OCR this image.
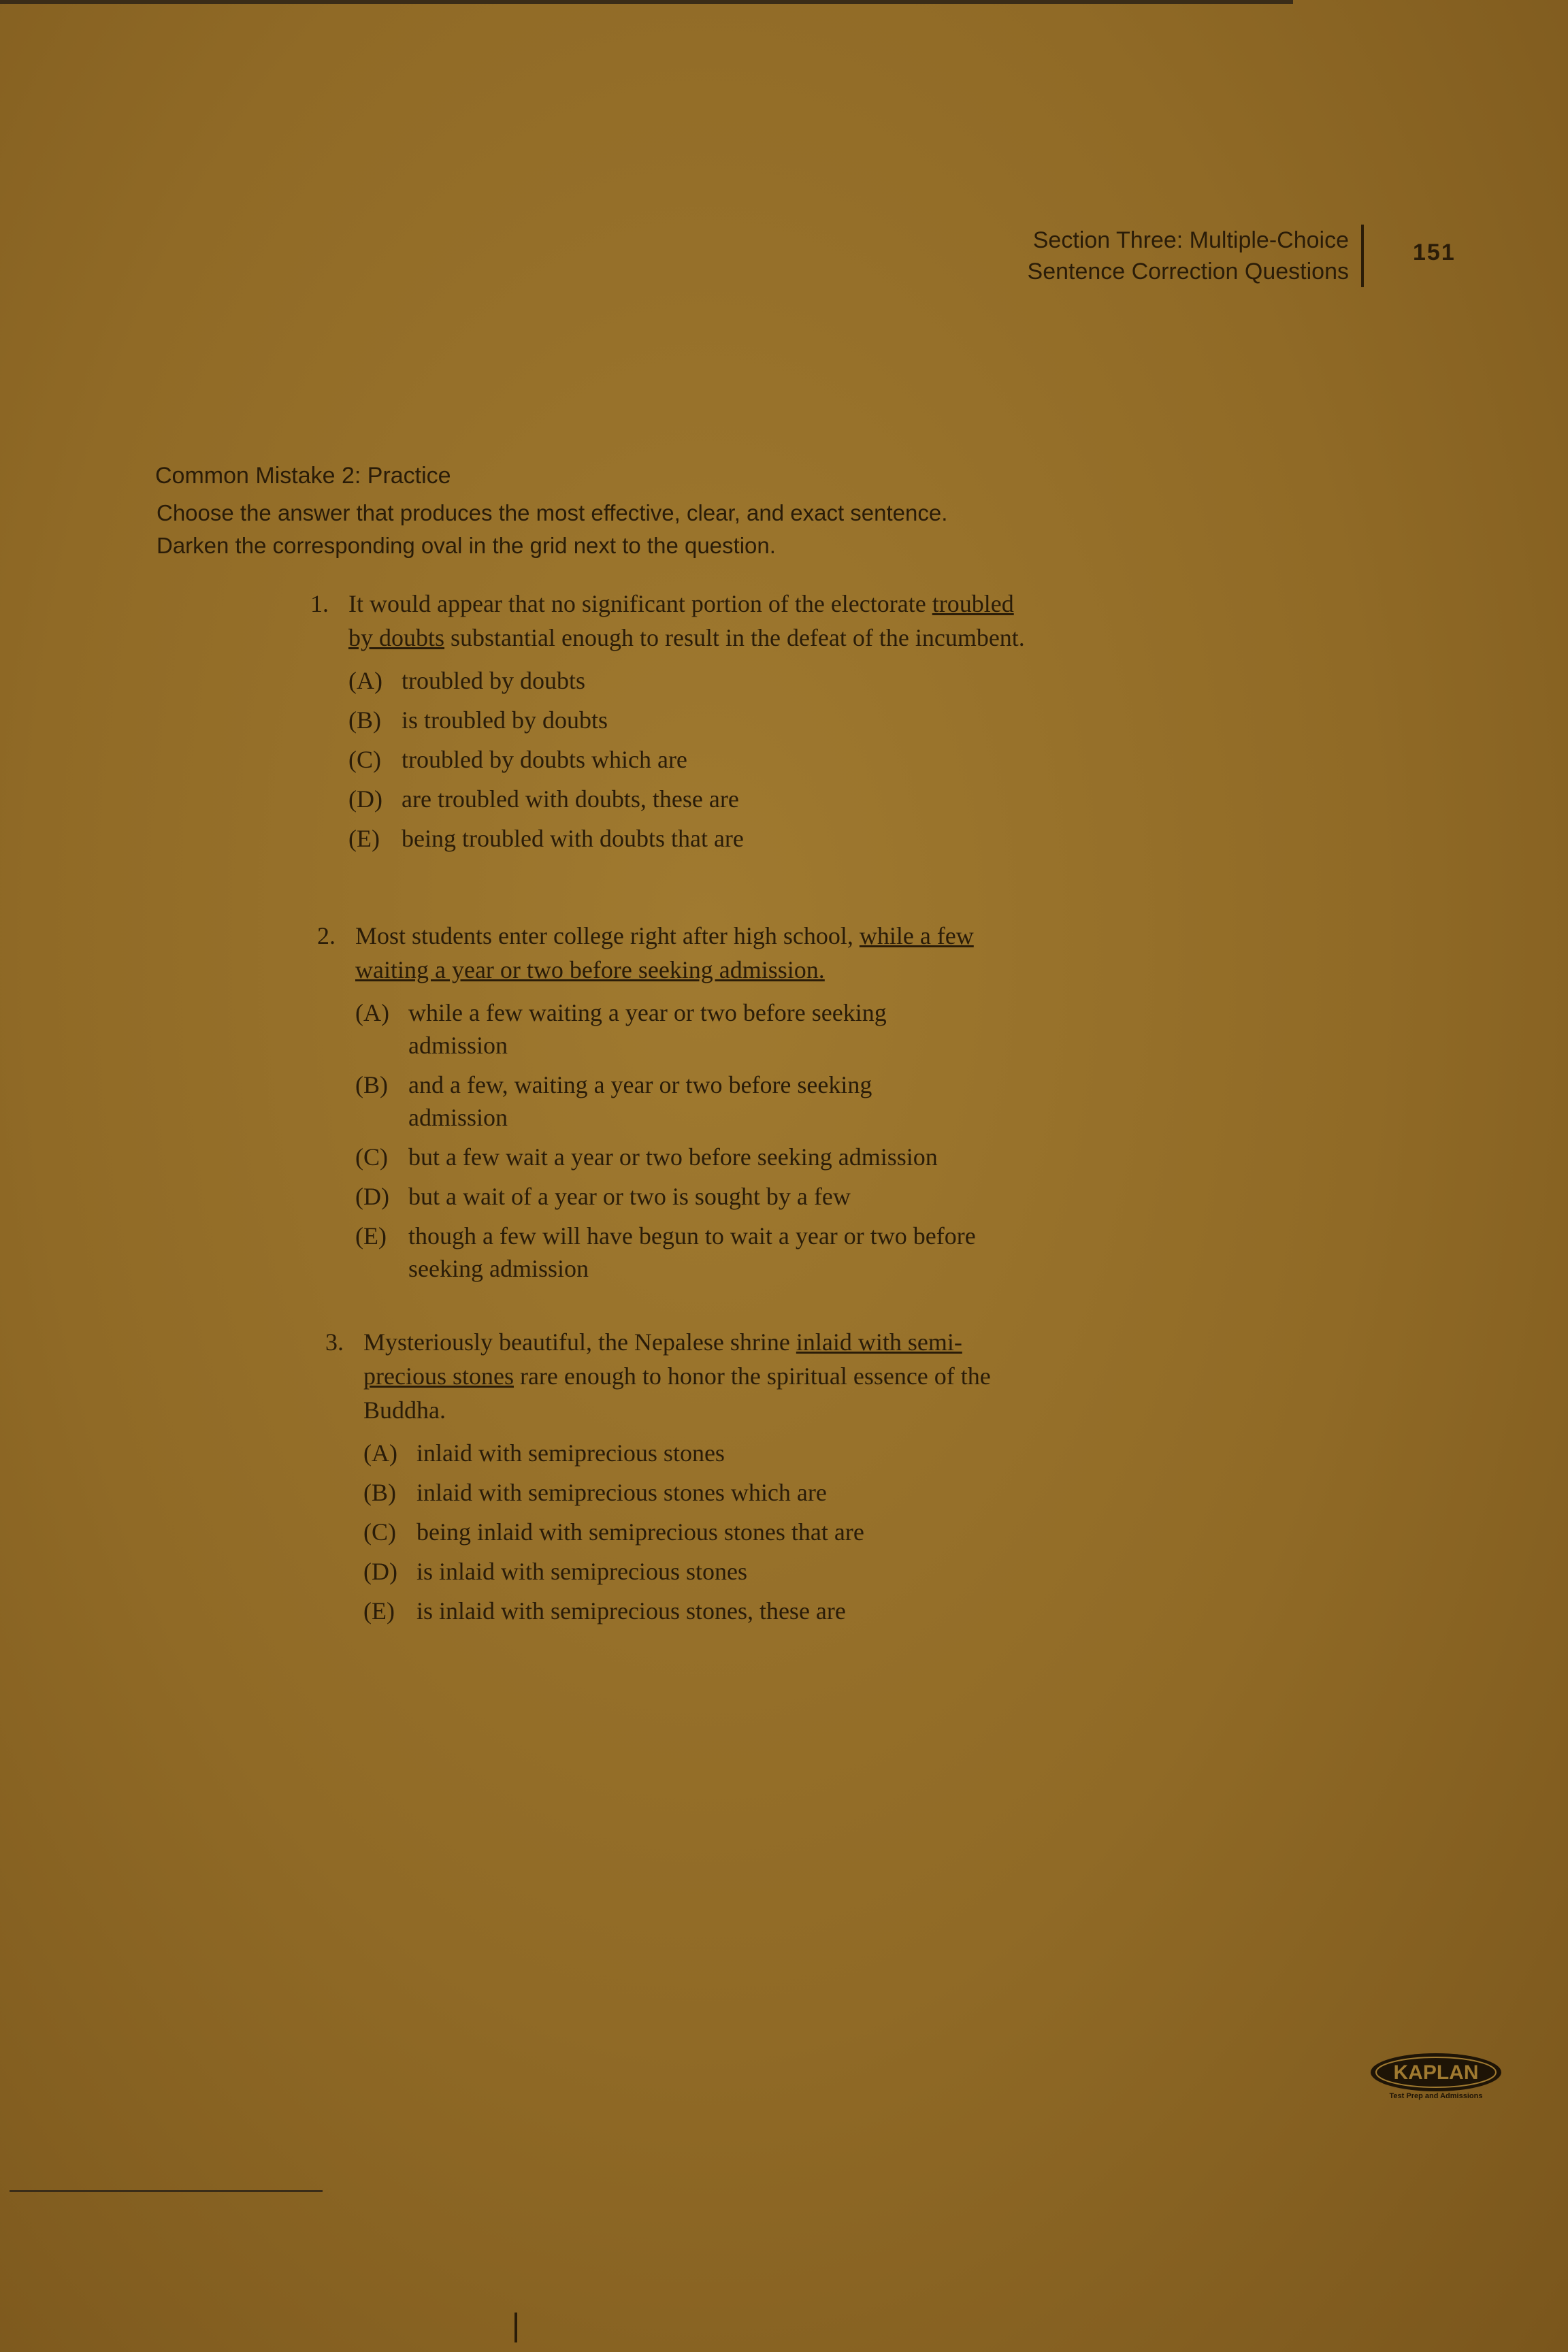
Section Three: Multiple-Choice
Sentence Correction Questions
151
Common Mistake 2: Practice
Choose the answer that produces the most effective, clear, and exact sentence. Darken the corresponding oval in the grid next to the question.
1. It would appear that no significant portion of the electorate troubled by doubts substantial enough to result in the defeat of the incumbent.
(A) troubled by doubts
(B) is troubled by doubts
(C) troubled by doubts which are
(D) are troubled with doubts, these are
(E) being troubled with doubts that are
2. Most students enter college right after high school, while a few waiting a year or two before seeking admission.
(A) while a few waiting a year or two before seeking admission
(B) and a few, waiting a year or two before seeking admission
(C) but a few wait a year or two before seeking admission
(D) but a wait of a year or two is sought by a few
(E) though a few will have begun to wait a year or two before seeking admission
3. Mysteriously beautiful, the Nepalese shrine inlaid with semi-precious stones rare enough to honor the spiritual essence of the Buddha.
(A) inlaid with semiprecious stones
(B) inlaid with semiprecious stones which are
(C) being inlaid with semiprecious stones that are
(D) is inlaid with semiprecious stones
(E) is inlaid with semiprecious stones, these are
KAPLAN
Test Prep and Admissions
